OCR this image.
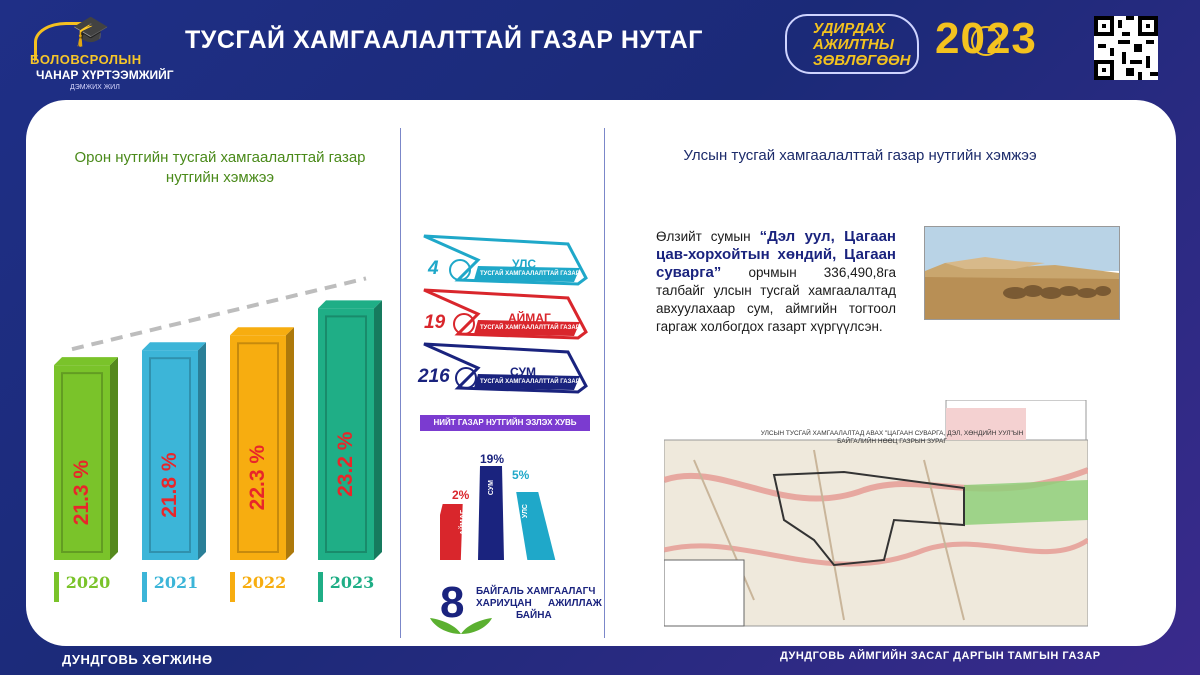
🎓
БОЛОВСРОЛЫН
ЧАНАР ХҮРТЭЭМЖИЙГ
ДЭМЖИХ ЖИЛ
ТУСГАЙ ХАМГААЛАЛТТАЙ ГАЗАР НУТАГ	УДИРДАХ
АЖИЛТНЫ
ЗӨВЛӨГӨӨН 2023
Орон нутгийн тусгай хамгаалалттай газар нутгийн хэмжээ
21.3 %
2020
21.8 %
2021
22.3 %
2022
23.2 %
2023
4	УЛС
ТУСГАЙ ХАМГААЛАЛТТАЙ ГАЗАР
19	АЙМАГ
ТУСГАЙ ХАМГААЛАЛТТАЙ ГАЗАР
216	СУМ
ТУСГАЙ ХАМГААЛАЛТТАЙ ГАЗАР
НИЙТ ГАЗАР НУТГИЙН ЭЗЛЭХ ХУВЬ
2%
19%
5%
АЙМАГ
СУМ
УЛС
8 БАЙГАЛЬ ХАМГААЛАГЧ
ХАРИУЦАН АЖИЛЛАЖ
БАЙНА
Улсын тусгай хамгаалалттай газар нутгийн хэмжээ
Өлзийт сумын “Дэл уул, Цагаан цав-хорхойтын хөндий, Цагаан суварга” орчмын 336,490,8га талбайг улсын тусгай хамгаалалтад авхуулахаар сум, аймгийн тогтоол гаргаж холбогдох газарт хүргүүлсэн.
УЛСЫН ТУСГАЙ ХАМГААЛАЛТАД АВАХ "ЦАГААН СУВАРГА, ДЭЛ, ХӨНДИЙН УУЛ"ЫН БАЙГАЛИЙН НӨӨЦ ГАЗРЫН ЗУРАГ
ДУНДГОВЬ ХӨГЖИНӨ	ДУНДГОВЬ АЙМГИЙН ЗАСАГ ДАРГЫН ТАМГЫН ГАЗАР
